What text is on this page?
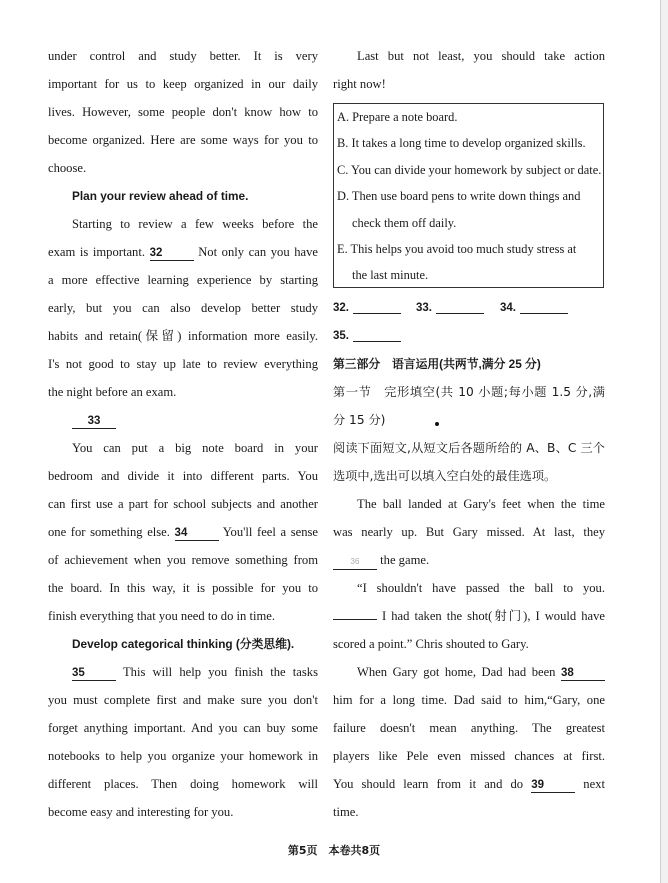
under control and study better. It is very
important for us to keep organized in our daily
lives. However, some people don't know how to
become organized. Here are some ways for you to
choose.
Plan your review ahead of time.
Starting to review a few weeks before the
exam is important. 32 Not only can you have
a more effective learning experience by starting
early, but you can also develop better study
habits and retain(保留) information more easily.
I's not good to stay up late to review everything
the night before an exam.
33
You can put a big note board in your
bedroom and divide it into different parts. You
can first use a part for school subjects and another
one for something else. 34 You'll feel a sense
of achievement when you remove something from
the board. In this way, it is possible for you to
finish everything that you need to do in time.
Develop categorical thinking (分类思维).
35 This will help you finish the tasks
you must complete first and make sure you don't
forget anything important. And you can buy some
notebooks to help you organize your homework in
different places. Then doing homework will
become easy and interesting for you.
A. Prepare a note board.
B. It takes a long time to develop organized skills.
C. You can divide your homework by subject or date.
D. Then use board pens to write down things and
check them off daily.
E. This helps you avoid too much study stress at
the last minute.
32.	33.	34.
35.
Last but not least, you should take action
right now!
第三部分　语言运用(共两节,满分 25 分)
第一节　完形填空(共 10 小题;每小题 1.5 分,满
分 15 分)
阅读下面短文,从短文后各题所给的 A、B、C 三个
选项中,选出可以填入空白处的最佳选项。
The ball landed at Gary's feet when the time
was nearly up. But Gary missed. At last, they
36 the game.
“I shouldn't have passed the ball to you.
I had taken the shot(射门), I would have
scored a point.” Chris shouted to Gary.
When Gary got home, Dad had been 38
him for a long time. Dad said to him,“Gary, one
failure doesn't mean anything. The greatest
players like Pele even missed chances at first.
You should learn from it and do 39 next
time.
第5页　本卷共8页
